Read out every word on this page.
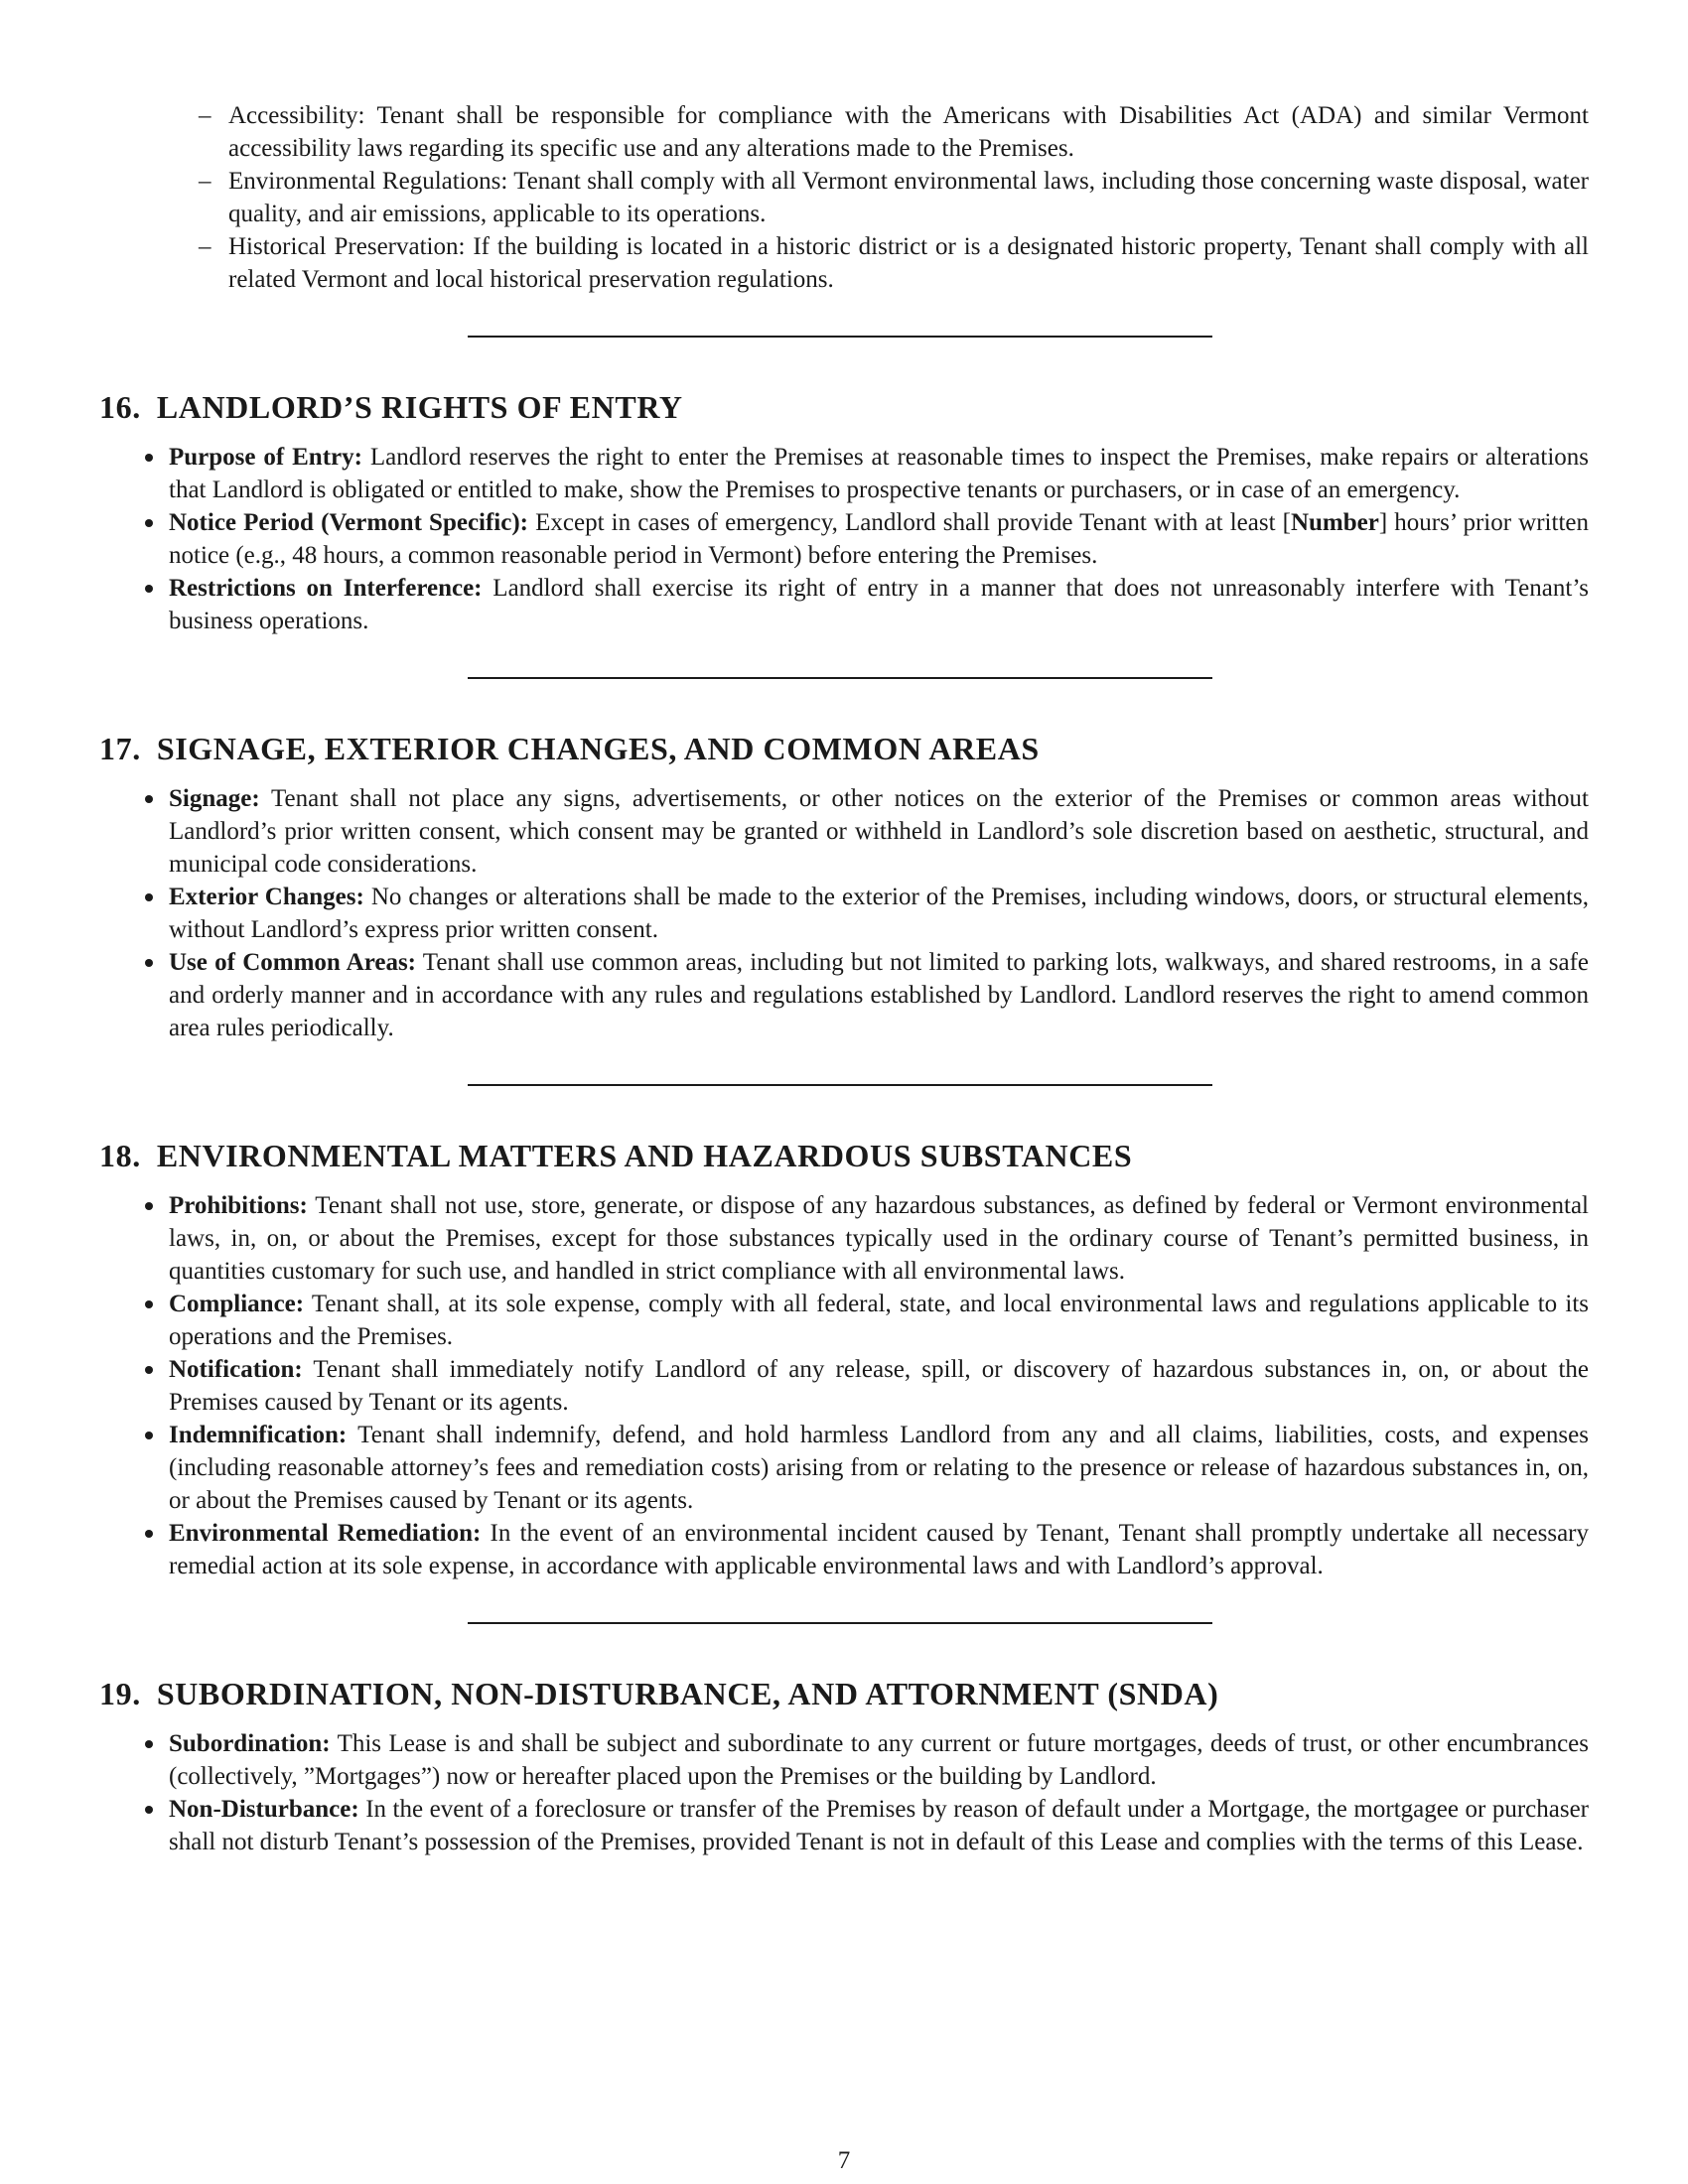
– Accessibility: Tenant shall be responsible for compliance with the Americans with Disabilities Act (ADA) and similar Vermont accessibility laws regarding its specific use and any alterations made to the Premises.
– Environmental Regulations: Tenant shall comply with all Vermont environmental laws, including those concerning waste disposal, water quality, and air emissions, applicable to its operations.
– Historical Preservation: If the building is located in a historic district or is a designated historic property, Tenant shall comply with all related Vermont and local historical preservation regulations.
16. LANDLORD’S RIGHTS OF ENTRY
Purpose of Entry: Landlord reserves the right to enter the Premises at reasonable times to inspect the Premises, make repairs or alterations that Landlord is obligated or entitled to make, show the Premises to prospective tenants or purchasers, or in case of an emergency.
Notice Period (Vermont Specific): Except in cases of emergency, Landlord shall provide Tenant with at least [Number] hours’ prior written notice (e.g., 48 hours, a common reasonable period in Vermont) before entering the Premises.
Restrictions on Interference: Landlord shall exercise its right of entry in a manner that does not unreasonably interfere with Tenant’s business operations.
17. SIGNAGE, EXTERIOR CHANGES, AND COMMON AREAS
Signage: Tenant shall not place any signs, advertisements, or other notices on the exterior of the Premises or common areas without Landlord’s prior written consent, which consent may be granted or withheld in Landlord’s sole discretion based on aesthetic, structural, and municipal code considerations.
Exterior Changes: No changes or alterations shall be made to the exterior of the Premises, including windows, doors, or structural elements, without Landlord’s express prior written consent.
Use of Common Areas: Tenant shall use common areas, including but not limited to parking lots, walkways, and shared restrooms, in a safe and orderly manner and in accordance with any rules and regulations established by Landlord. Landlord reserves the right to amend common area rules periodically.
18. ENVIRONMENTAL MATTERS AND HAZARDOUS SUBSTANCES
Prohibitions: Tenant shall not use, store, generate, or dispose of any hazardous substances, as defined by federal or Vermont environmental laws, in, on, or about the Premises, except for those substances typically used in the ordinary course of Tenant’s permitted business, in quantities customary for such use, and handled in strict compliance with all environmental laws.
Compliance: Tenant shall, at its sole expense, comply with all federal, state, and local environmental laws and regulations applicable to its operations and the Premises.
Notification: Tenant shall immediately notify Landlord of any release, spill, or discovery of hazardous substances in, on, or about the Premises caused by Tenant or its agents.
Indemnification: Tenant shall indemnify, defend, and hold harmless Landlord from any and all claims, liabilities, costs, and expenses (including reasonable attorney’s fees and remediation costs) arising from or relating to the presence or release of hazardous substances in, on, or about the Premises caused by Tenant or its agents.
Environmental Remediation: In the event of an environmental incident caused by Tenant, Tenant shall promptly undertake all necessary remedial action at its sole expense, in accordance with applicable environmental laws and with Landlord’s approval.
19. SUBORDINATION, NON-DISTURBANCE, AND ATTORNMENT (SNDA)
Subordination: This Lease is and shall be subject and subordinate to any current or future mortgages, deeds of trust, or other encumbrances (collectively, ”Mortgages”) now or hereafter placed upon the Premises or the building by Landlord.
Non-Disturbance: In the event of a foreclosure or transfer of the Premises by reason of default under a Mortgage, the mortgagee or purchaser shall not disturb Tenant’s possession of the Premises, provided Tenant is not in default of this Lease and complies with the terms of this Lease.
7
